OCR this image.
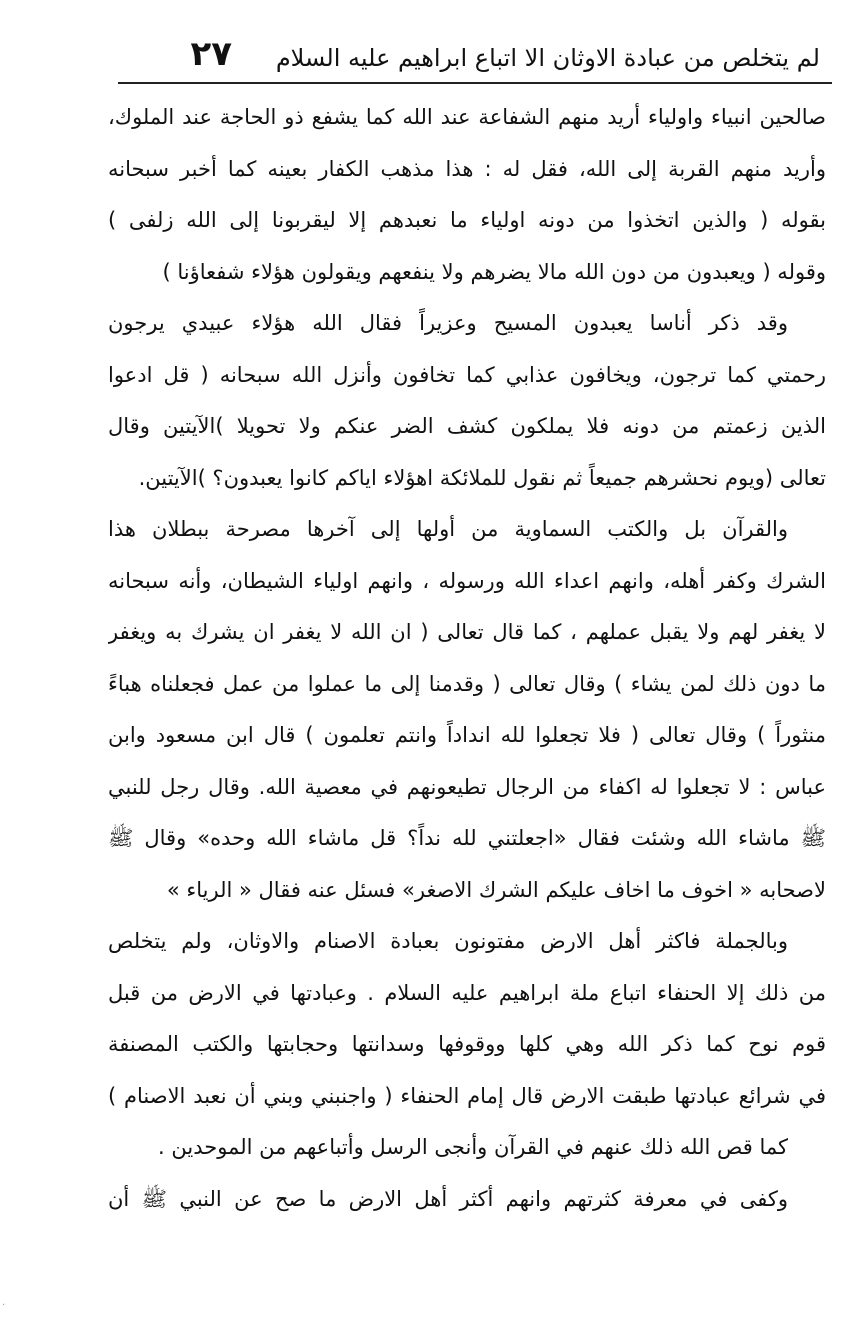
٢٧	لم يتخلص من عبادة الاوثان الا اتباع ابراهيم عليه السلام
صالحين انبياء واولياء أريد منهم الشفاعة عند الله كما يشفع ذو الحاجة عند الملوك،
وأريد منهم القربة إلى الله، فقل له : هذا مذهب الكفار بعينه كما أخبر سبحانه
بقوله ( والذين اتخذوا من دونه اولياء ما نعبدهم إلا ليقربونا إلى الله زلفى )
وقوله ( ويعبدون من دون الله مالا يضرهم ولا ينفعهم ويقولون هؤلاء شفعاؤنا )
وقد ذكر أناسا يعبدون المسيح وعزيراً فقال الله هؤلاء عبيدي يرجون
رحمتي كما ترجون، ويخافون عذابي كما تخافون وأنزل الله سبحانه ( قل ادعوا
الذين زعمتم من دونه فلا يملكون كشف الضر عنكم ولا تحويلا )الآيتين وقال
تعالى (ويوم نحشرهم جميعاً ثم نقول للملائكة اهؤلاء اياكم كانوا يعبدون؟ )الآيتين.
والقرآن بل والكتب السماوية من أولها إلى آخرها مصرحة ببطلان هذا
الشرك وكفر أهله، وانهم اعداء الله ورسوله ، وانهم اولياء الشيطان، وأنه سبحانه
لا يغفر لهم ولا يقبل عملهم ، كما قال تعالى ( ان الله لا يغفر ان يشرك به ويغفر
ما دون ذلك لمن يشاء ) وقال تعالى ( وقدمنا إلى ما عملوا من عمل فجعلناه هباءً
منثوراً ) وقال تعالى ( فلا تجعلوا لله انداداً وانتم تعلمون ) قال ابن مسعود وابن
عباس : لا تجعلوا له اكفاء من الرجال تطيعونهم في معصية الله. وقال رجل للنبي
ﷺ ماشاء الله وشئت فقال «اجعلتني لله نداً؟ قل ماشاء الله وحده» وقال ﷺ
لاصحابه « اخوف ما اخاف عليكم الشرك الاصغر» فسئل عنه فقال « الرياء »
وبالجملة فاكثر أهل الارض مفتونون بعبادة الاصنام والاوثان، ولم يتخلص
من ذلك إلا الحنفاء اتباع ملة ابراهيم عليه السلام . وعبادتها في الارض من قبل
قوم نوح كما ذكر الله وهي كلها ووقوفها وسدانتها وحجابتها والكتب المصنفة
في شرائع عبادتها طبقت الارض قال إمام الحنفاء ( واجنبني وبني أن نعبد الاصنام )
كما قص الله ذلك عنهم في القرآن وأنجى الرسل وأتباعهم من الموحدين .
وكفى في معرفة كثرتهم وانهم أكثر أهل الارض ما صح عن النبي ﷺ أن
·
